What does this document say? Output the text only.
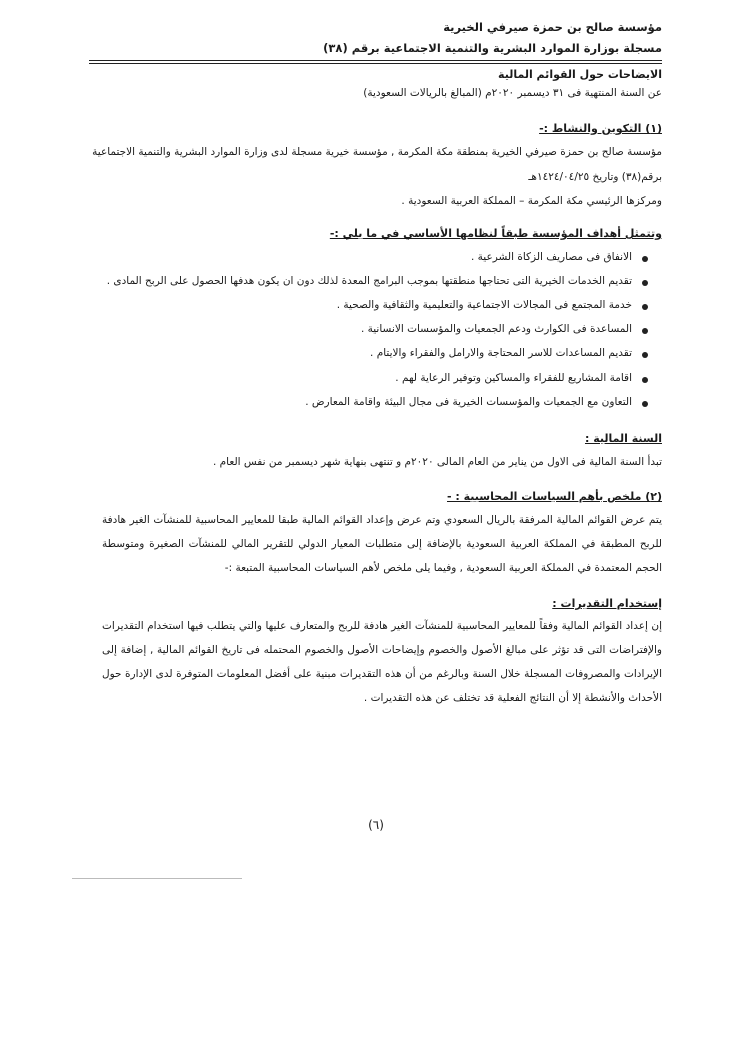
مؤسسة صالح بن حمزة صيرفي الخيرية
مسجلة بوزارة الموارد البشرية والتنمية الاجتماعية برقم (٣٨)
الايضاحات حول القوائم المالية
عن السنة المنتهية فى ٣١ ديسمبر ٢٠٢٠م (المبالغ بالريالات السعودية)
(١) التكوين والنشاط :-
مؤسسة صالح بن حمزة صيرفي الخيرية بمنطقة مكة المكرمة , مؤسسة خيرية مسجلة لدى وزارة الموارد البشرية والتنمية الاجتماعية
برقم(٣٨) وتاريخ ١٤٢٤/٠٤/٢٥هـ
ومركزها الرئيسي مكة المكرمة – المملكة العربية السعودية .
وتتمثل أهداف المؤسسة طبقاً لنظامها الأساسي في ما يلي :-
الانفاق فى مصاريف الزكاة الشرعية .
تقديم الخدمات الخيرية التى تحتاجها منطقتها بموجب البرامج المعدة لذلك دون ان يكون هدفها الحصول على الربح المادى .
خدمة المجتمع فى المجالات الاجتماعية والتعليمية والثقافية والصحية .
المساعدة فى الكوارث ودعم الجمعيات والمؤسسات الانسانية .
تقديم المساعدات للاسر المحتاجة والارامل والفقراء والايتام .
اقامة المشاريع للفقراء والمساكين وتوفير الرعاية لهم .
التعاون مع الجمعيات والمؤسسات الخيرية فى مجال البيئة واقامة المعارض .
السنة المالية :
تبدأ السنة المالية فى الاول من يناير من العام المالى ٢٠٢٠م و تنتهى بنهاية شهر ديسمبر من نفس العام .
(٢) ملخص بأهم السياسات المحاسبية : -
يتم عرض القوائم المالية المرفقة بالريال السعودي وتم عرض وإعداد القوائم المالية طبقا للمعايير المحاسبية للمنشآت الغير هادفة للربح المطبقة في المملكة العربية السعودية بالإضافة إلى متطلبات المعيار الدولي للتقرير المالي للمنشآت الصغيرة ومتوسطة الحجم المعتمدة في المملكة العربية السعودية , وفيما يلى ملخص لأهم السياسات المحاسبية المتبعة :-
إستخدام التقديرات :
إن إعداد القوائم المالية وفقاً للمعايير المحاسبية للمنشآت الغير هادفة للربح والمتعارف عليها والتي يتطلب فيها استخدام التقديرات والإفتراضات التى قد تؤثر على مبالغ الأصول والخصوم وإيضاحات الأصول والخصوم المحتمله فى تاريخ القوائم المالية , إضافة إلى الإيرادات والمصروفات المسجلة خلال السنة وبالرغم من أن هذه التقديرات مبنية على أفضل المعلومات المتوفرة لدى الإدارة حول الأحداث والأنشطة إلا أن النتائج الفعلية قد تختلف عن هذه التقديرات .
(٦)
